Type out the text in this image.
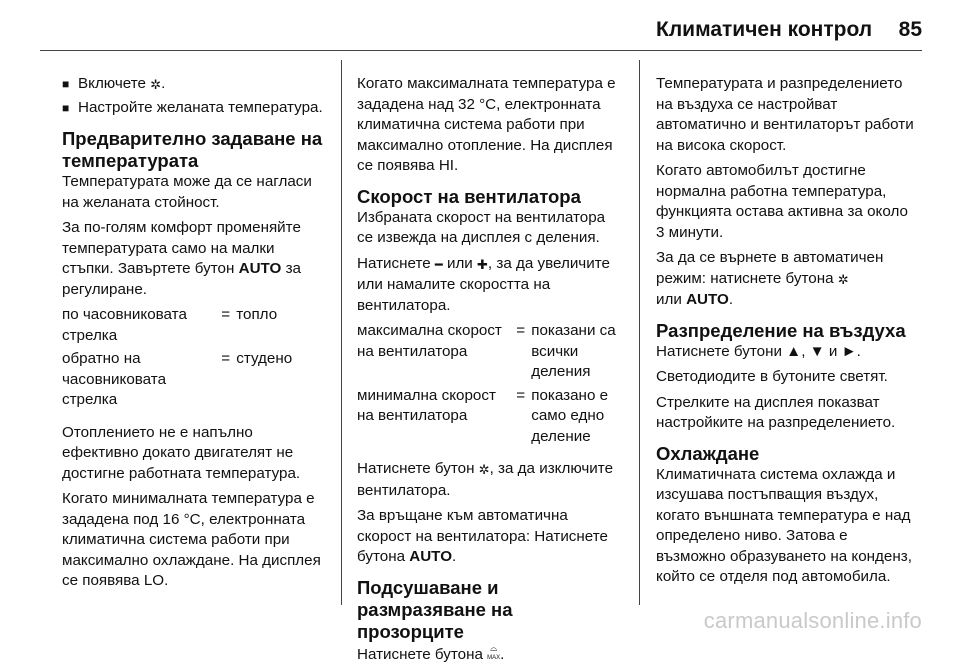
Климатичен контрол 85
■ Включете ✲.
■ Настройте желаната температура.
Предварително задаване на температурата

Температурата може да се нагласи на желаната стойност.

За по-голям комфорт променяйте температурата само на малки стъпки. Завъртете бутон AUTO за регулиране.

по часовниковата стрелка	=	топло
обратно на часовниковата стрелка	=	студено

Отоплението не е напълно ефективно докато двигателят не достигне работната температура.

Когато минималната температура е зададена под 16 °C, електронната климатична система работи при максимално охлаждане. На дисплея се появява LO.

Когато максималната температура е зададена над 32 °C, електронната климатична система работи при максимално отопление. На дисплея се появява HI.

Скорост на вентилатора

Избраната скорост на вентилатора се извежда на дисплея с деления.

Натиснете ━ или ✚, за да увеличите или намалите скоростта на вентилатора.

максимална скорост на вентилатора	=	показани са всички деления
минимална скорост на вентилатора	=	показано е само едно деление

Натиснете бутон ✲, за да изключите вентилатора.

За връщане към автоматична скорост на вентилатора: Натиснете бутона AUTO.

Подсушаване и размразяване на прозорците

Натиснете бутона ⌓
MAX .

Температурата и разпределението на въздуха се настройват автоматично и вентилаторът работи на висока скорост.

Когато автомобилът достигне нормална работна температура, функцията остава активна за около 3 минути.

За да се върнете в автоматичен режим: натиснете бутона ✲
или AUTO.

Разпределение на въздуха

Натиснете бутони ▲, ▼ и ►.

Светодиодите в бутоните светят.

Стрелките на дисплея показват настройките на разпределението.

Охлаждане

Климатичната система охлажда и изсушава постъпващия въздух, когато външната температура е над определено ниво. Затова е възможно образуването на конденз, който се отделя под автомобила.

carmanualsonline.info
